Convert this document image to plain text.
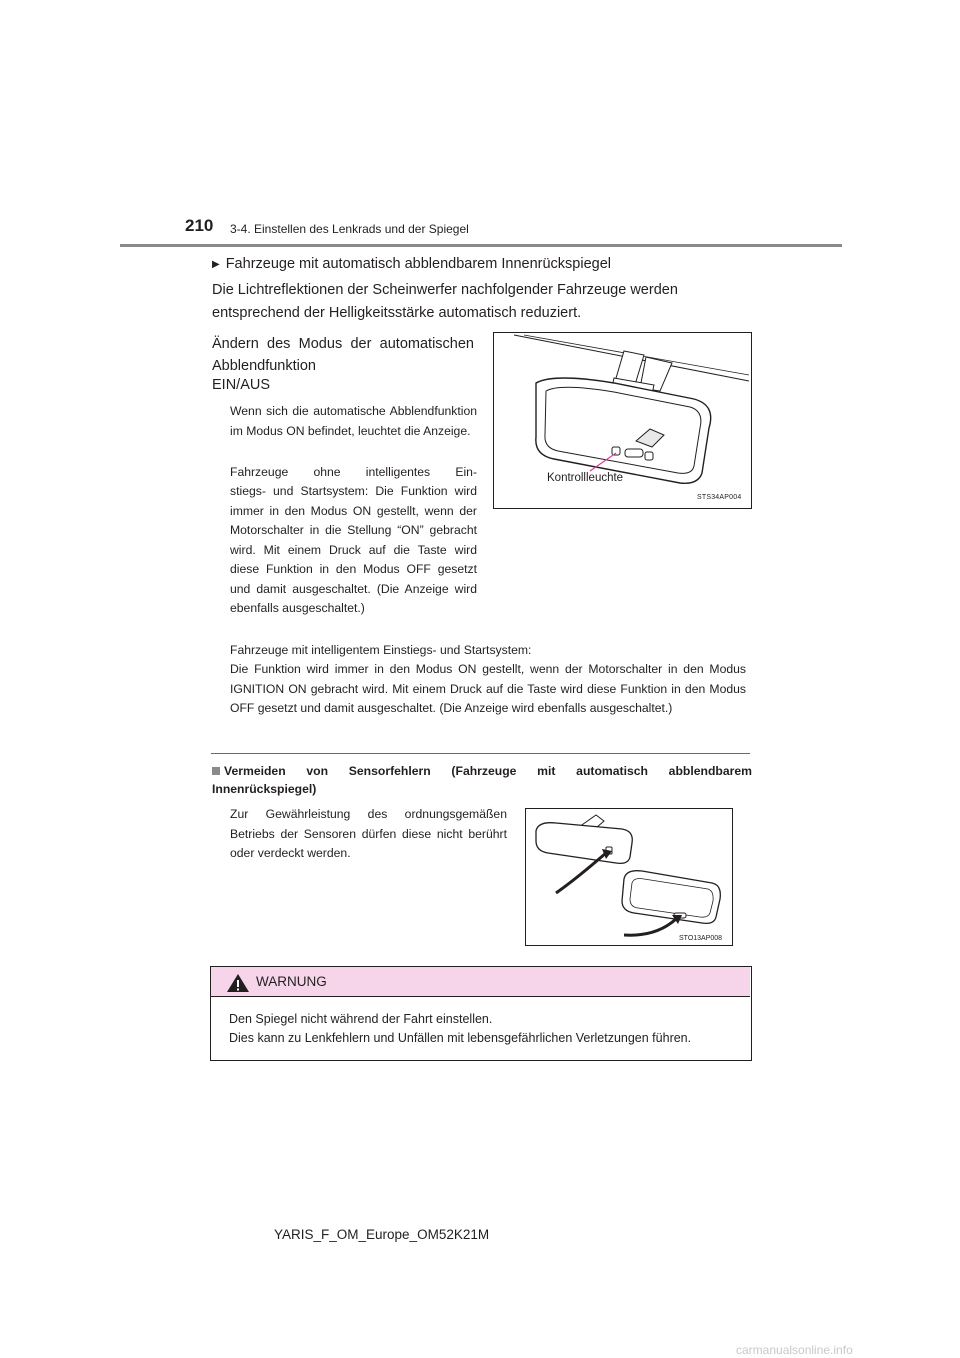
210 3-4. Einstellen des Lenkrads und der Spiegel
▶ Fahrzeuge mit automatisch abblendbarem Innenrückspiegel
Die Lichtreflektionen der Scheinwerfer nachfolgender Fahrzeuge werden entsprechend der Helligkeitsstärke automatisch reduziert.
Ändern des Modus der automatischen Abblendfunktion
EIN/AUS
Wenn sich die automatische Abblendfunktion im Modus ON befindet, leuchtet die Anzeige.
Fahrzeuge ohne intelligentes Ein-
stiegs- und Startsystem: Die Funktion wird immer in den Modus ON gestellt, wenn der Motorschalter in die Stellung “ON” gebracht wird. Mit einem Druck auf die Taste wird diese Funktion in den Modus OFF gesetzt und damit ausgeschaltet. (Die Anzeige wird ebenfalls ausgeschaltet.)
Fahrzeuge mit intelligentem Einstiegs- und Startsystem:
Die Funktion wird immer in den Modus ON gestellt, wenn der Motorschalter in den Modus IGNITION ON gebracht wird. Mit einem Druck auf die Taste wird diese Funktion in den Modus OFF gesetzt und damit ausgeschaltet. (Die Anzeige wird ebenfalls ausgeschaltet.)
Kontrollleuchte
STS34AP004
Vermeiden von Sensorfehlern (Fahrzeuge mit automatisch abblendbarem Innenrückspiegel)
Zur Gewährleistung des ordnungsgemäßen Betriebs der Sensoren dürfen diese nicht berührt oder verdeckt werden.
STO13AP008
WARNUNG
Den Spiegel nicht während der Fahrt einstellen.
Dies kann zu Lenkfehlern und Unfällen mit lebensgefährlichen Verletzungen führen.
YARIS_F_OM_Europe_OM52K21M
carmanualsonline.info
